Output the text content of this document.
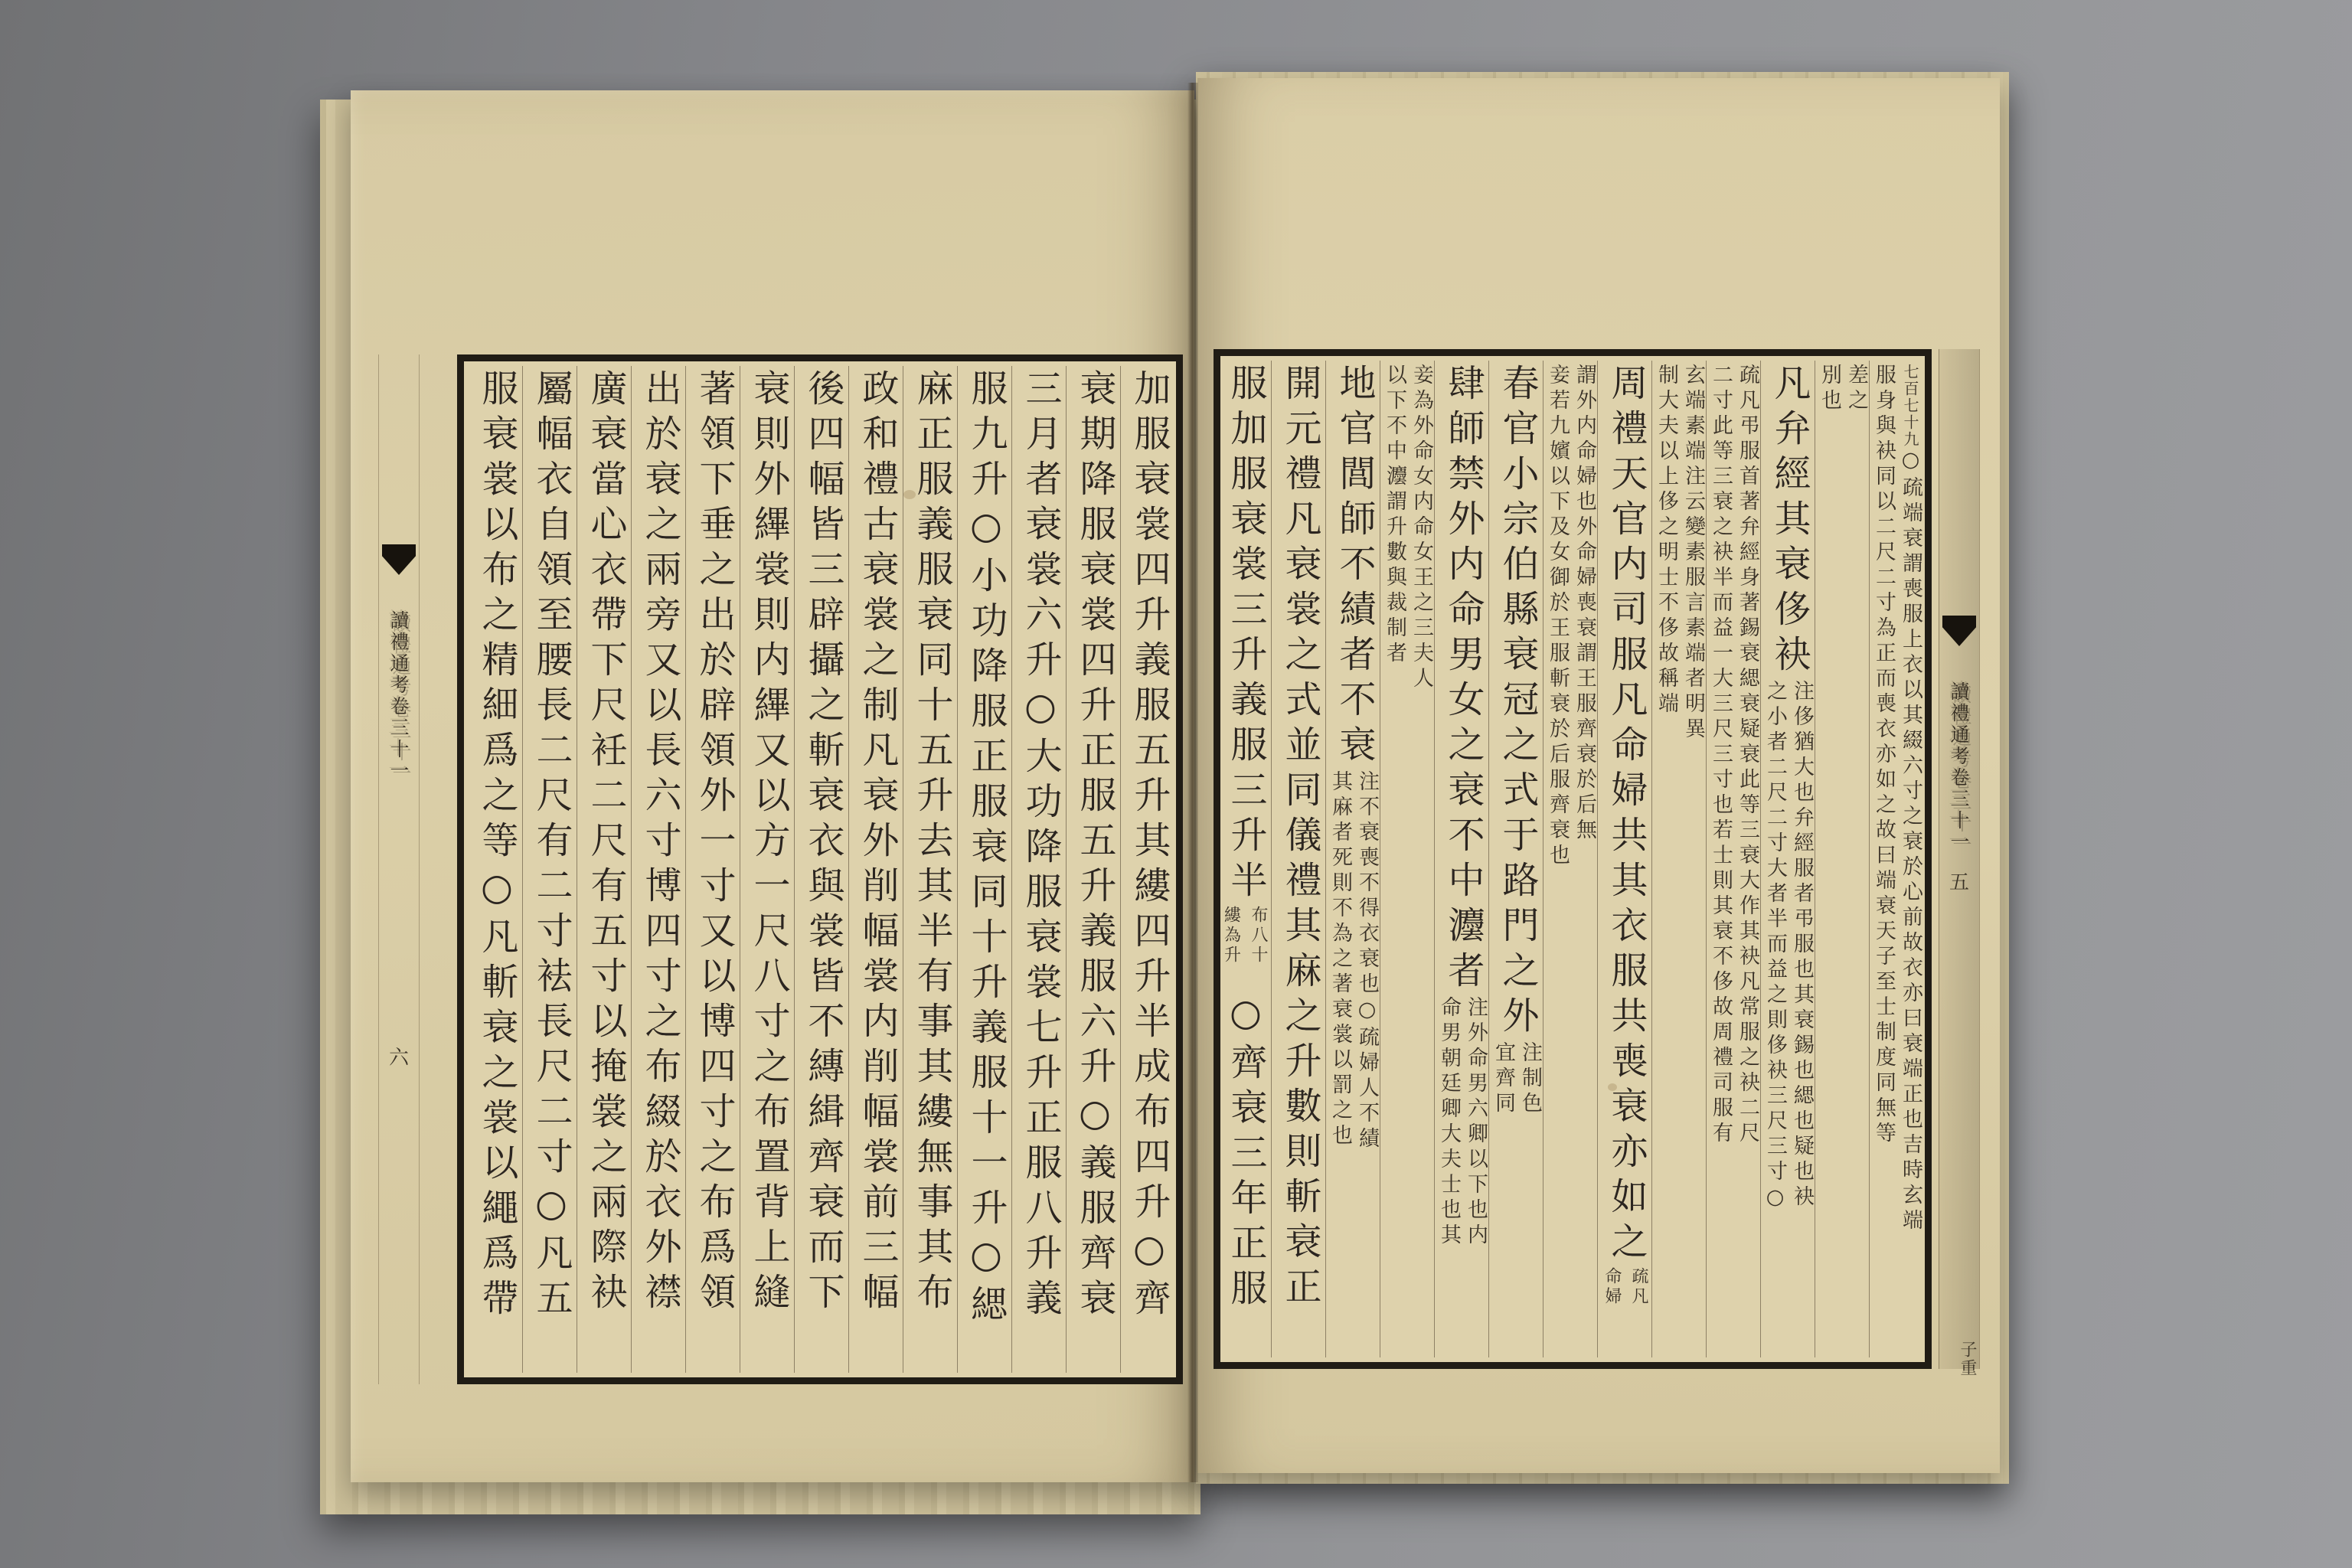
七百七十九○疏端衰謂喪服上衣以其綴六寸之衰於心前故衣亦曰衰端正也吉時玄端
服身與袂同以二尺二寸為正而喪衣亦如之故曰端衰天子至士制度同無等
差之
別也
凡弁經其衰侈袂
注侈猶大也弁經服者弔服也其衰錫也緦也疑也袂
之小者二尺二寸大者半而益之則侈袂三尺三寸○
疏凡弔服首著弁經身著錫衰緦衰疑衰此等三衰大作其袂凡常服之袂二尺
二寸此等三衰之袂半而益一大三尺三寸也若士則其衰不侈故周禮司服有
玄端素端注云變素服言素端者明異
制大夫以上侈之明士不侈故稱端
周禮天官内司服凡命婦共其衣服共喪衰亦如之
疏凡
命婦
謂外内命婦也外命婦喪衰謂王服齊衰於后無
妾若九嬪以下及女御於王服斬衰於后服齊衰也
春官小宗伯縣衰冠之式于路門之外
注制色
宜齊同
肆師禁外内命男女之衰不中灋者
注外命男六卿以下也内
命男朝廷卿大夫士也其
妾為外命女内命女王之三夫人
以下不中灋謂升數與裁制者
地官閭師不績者不衰
注不衰喪不得衣衰也○疏婦人不績
其麻者死則不為之著衰裳以罰之也
開元禮凡衰裳之式並同儀禮其麻之升數則斬衰正
服加服衰裳三升義服三升半
布八十
縷為升
○齊衰三年正服
加服衰裳四升義服五升其縷四升半成布四升○齊
衰期降服衰裳四升正服五升義服六升○義服齊衰
三月者衰裳六升○大功降服衰裳七升正服八升義
服九升○小功降服正服衰同十升義服十一升○緦
麻正服義服衰同十五升去其半有事其縷無事其布
政和禮古衰裳之制凡衰外削幅裳内削幅裳前三幅
後四幅皆三辟攝之斬衰衣與裳皆不縳緝齊衰而下
衰則外縪裳則内縪又以方一尺八寸之布置背上縫
著領下垂之出於辟領外一寸又以博四寸之布爲領
出於衰之兩旁又以長六寸博四寸之布綴於衣外襟
廣衰當心衣帶下尺衽二尺有五寸以掩裳之兩際袂
屬幅衣自領至腰長二尺有二寸袪長尺二寸○凡五
服衰裳以布之精細爲之等○凡斬衰之裳以繩爲帶	讀禮通考卷三十一
五
子重
讀禮通考卷三十一
六
